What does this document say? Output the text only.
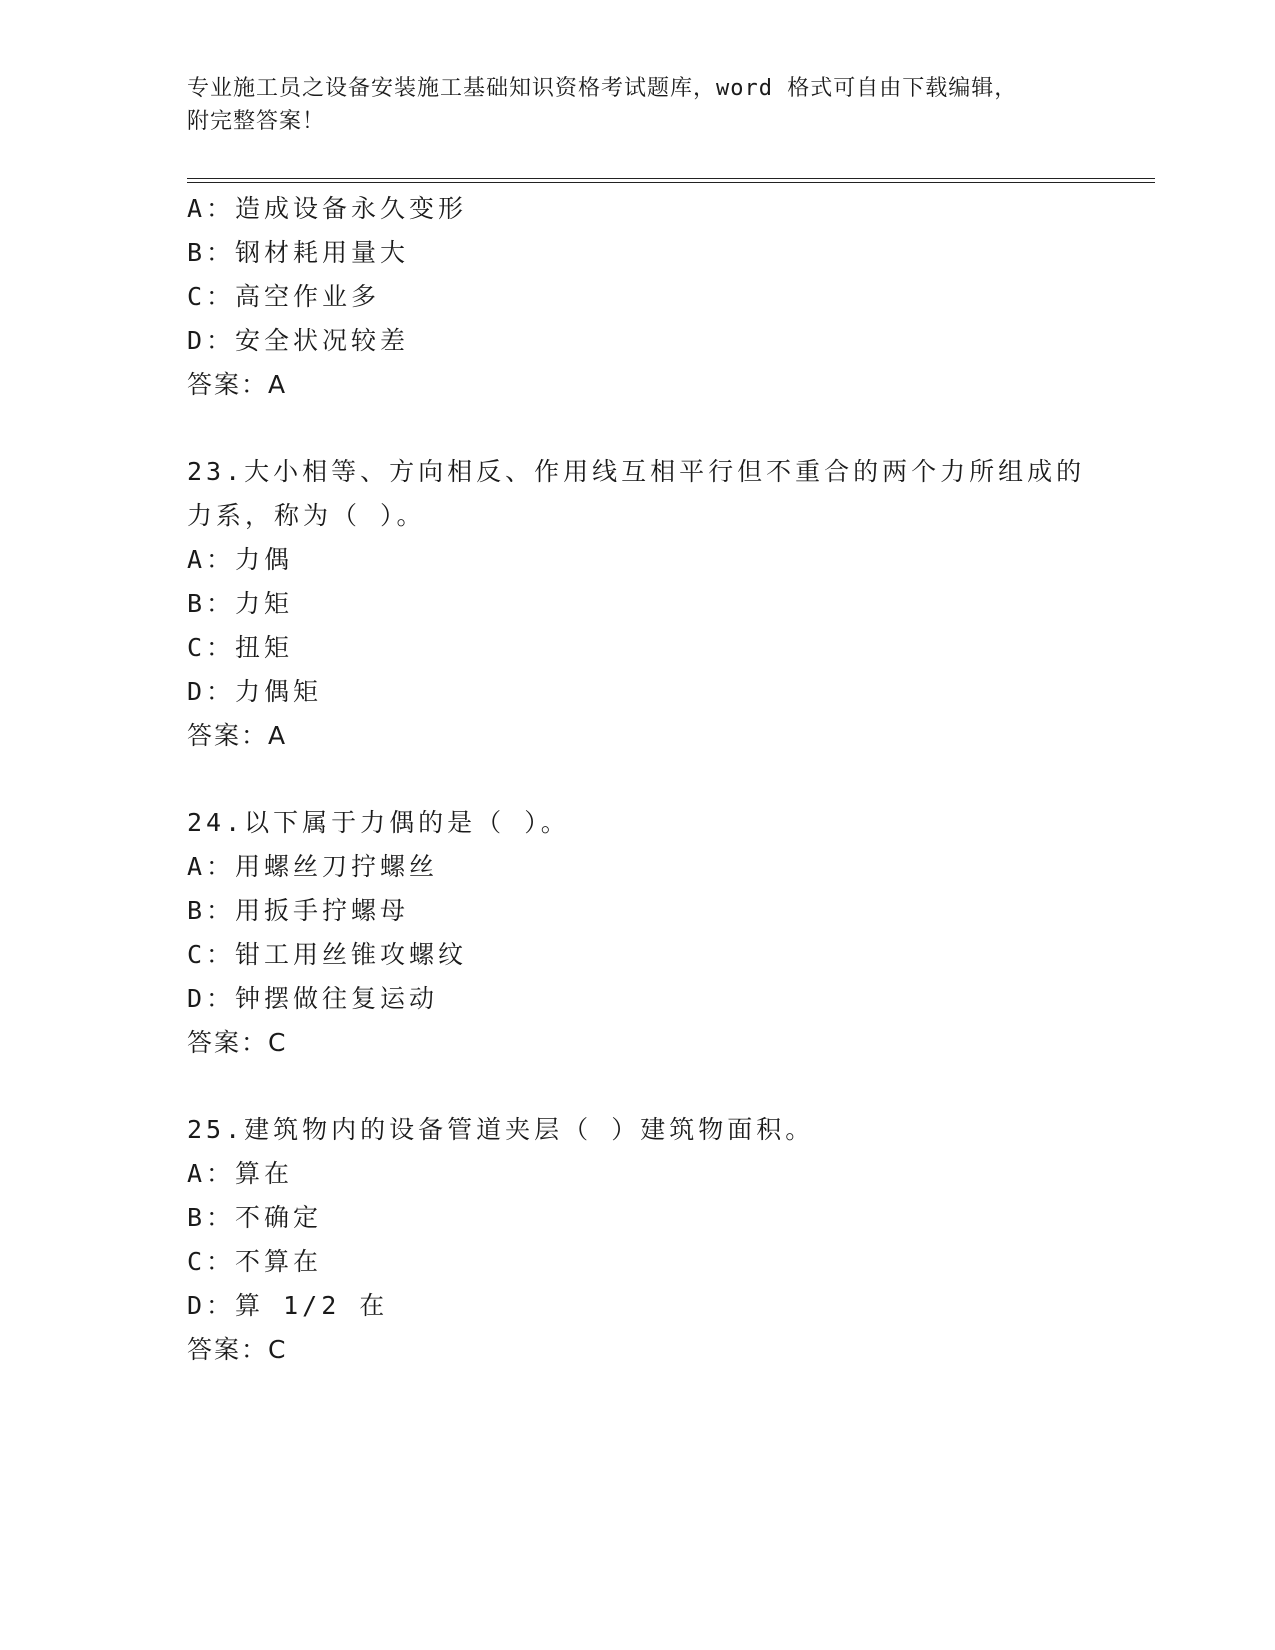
专业施工员之设备安装施工基础知识资格考试题库，word 格式可自由下载编辑，
附完整答案！
A：造成设备永久变形
B：钢材耗用量大
C：高空作业多
D：安全状况较差
答案：A
23.大小相等、方向相反、作用线互相平行但不重合的两个力所组成的
力系，称为（ ）。
A：力偶
B：力矩
C：扭矩
D：力偶矩
答案：A
24.以下属于力偶的是（ ）。
A：用螺丝刀拧螺丝
B：用扳手拧螺母
C：钳工用丝锥攻螺纹
D：钟摆做往复运动
答案：C
25.建筑物内的设备管道夹层（ ）建筑物面积。
A：算在
B：不确定
C：不算在
D：算 1/2 在
答案：C
